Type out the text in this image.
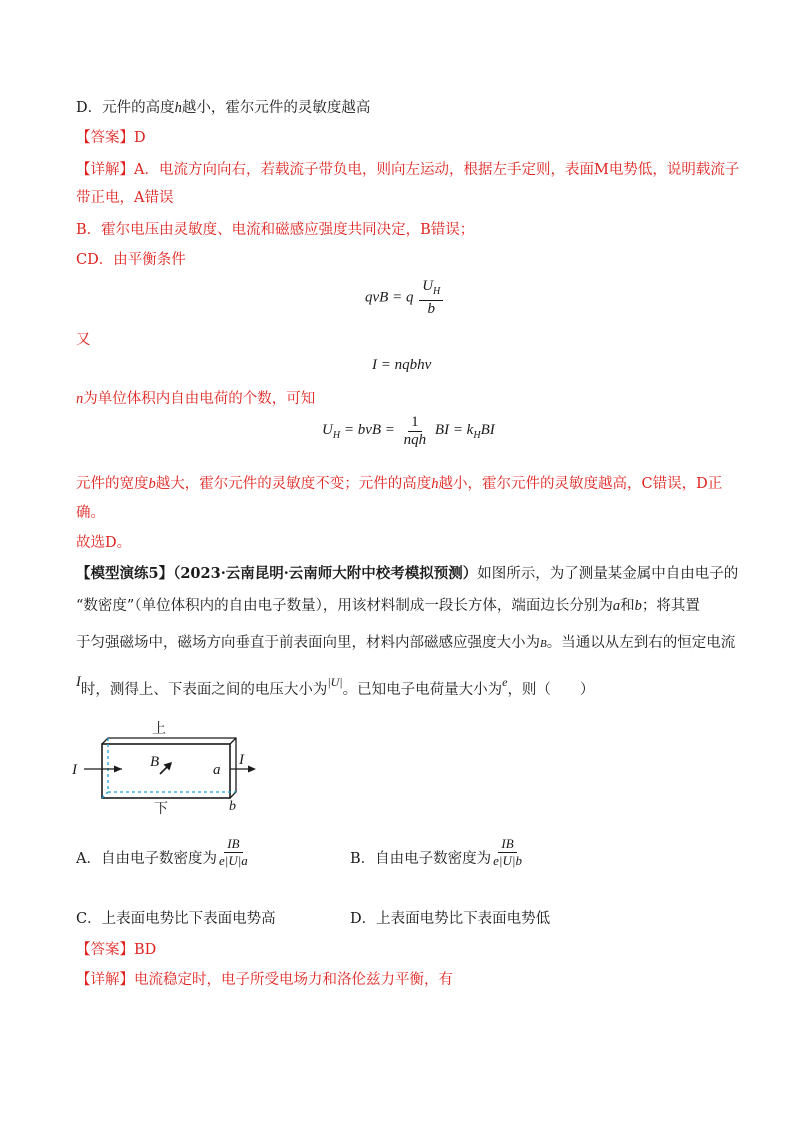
D．元件的高度h越小，霍尔元件的灵敏度越高
【答案】D
【详解】A．电流方向向右，若载流子带负电，则向左运动，根据左手定则，表面M电势低，说明载流子
带正电，A错误
B．霍尔电压由灵敏度、电流和磁感应强度共同决定，B错误；
CD．由平衡条件
qvB = q $\frac{U_H}{b}$
又
I = nqbhv
n为单位体积内自由电荷的个数，可知
$U_H$ = bvB = $\frac{1}{\text{nqh}}$ BI = $k_HBI$
元件的宽度b越大，霍尔元件的灵敏度不变；元件的高度h越小，霍尔元件的灵敏度越高，C错误，D正
确。
故选D。
【模型演练5】（2023·云南昆明·云南师大附中校考模拟预测）如图所示，为了测量某金属中自由电子的
“数密度”（单位体积内的自由电子数量），用该材料制成一段长方体，端面边长分别为a和b；将其置
于匀强磁场中，磁场方向垂直于前表面向里，材料内部磁感应强度大小为B。当通以从左到右的恒定电流
I时，测得上、下表面之间的电压大小为$^{|U|}$。已知电子电荷量大小为$^e$，则（　　）
上
I
I
B	a
b
下
A．自由电子数密度为 $\frac{IB}{e|U|a}$	B．自由电子数密度为 $\frac{IB}{e|U|b}$
C．上表面电势比下表面电势高	D．上表面电势比下表面电势低
【答案】BD
【详解】电流稳定时，电子所受电场力和洛伦兹力平衡，有
